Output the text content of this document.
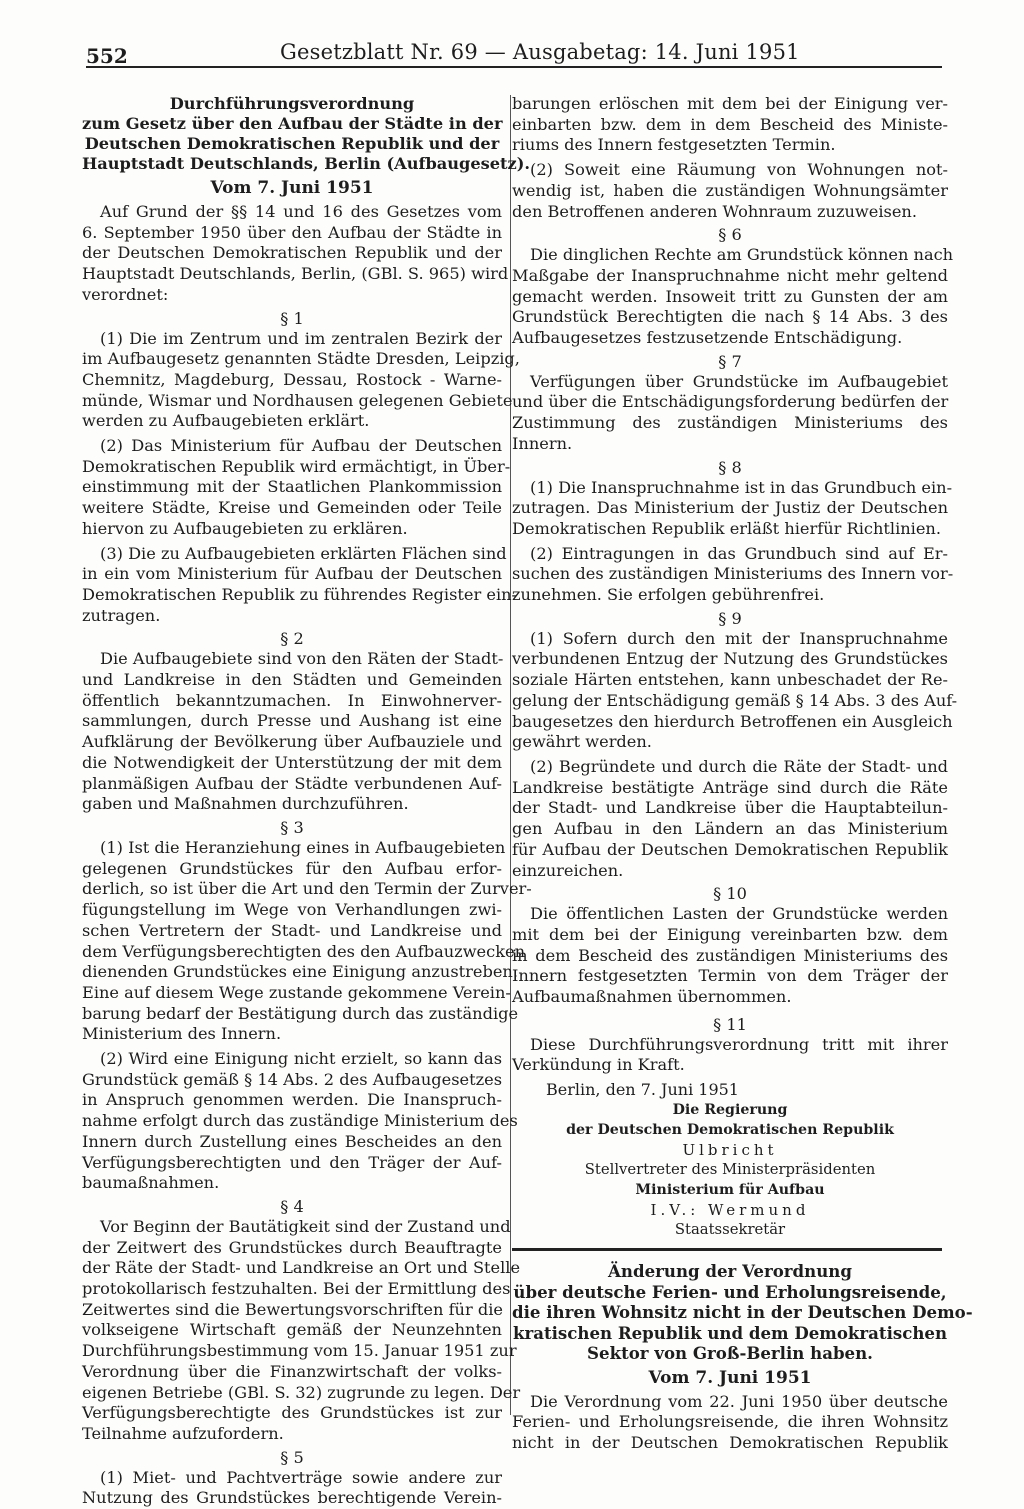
552	Gesetzblatt Nr. 69 — Ausgabetag: 14. Juni 1951
Durchführungsverordnung
zum Gesetz über den Aufbau der Städte in der
Deutschen Demokratischen Republik und der
Hauptstadt Deutschlands, Berlin (Aufbaugesetz).
Vom 7. Juni 1951
Auf Grund der §§ 14 und 16 des Gesetzes vom
6. September 1950 über den Aufbau der Städte in
der Deutschen Demokratischen Republik und der
Hauptstadt Deutschlands, Berlin, (GBl. S. 965) wird
verordnet:
§ 1
(1) Die im Zentrum und im zentralen Bezirk der
im Aufbaugesetz genannten Städte Dresden, Leipzig,
Chemnitz, Magdeburg, Dessau, Rostock - Warne-
münde, Wismar und Nordhausen gelegenen Gebiete
werden zu Aufbaugebieten erklärt.
(2) Das Ministerium für Aufbau der Deutschen
Demokratischen Republik wird ermächtigt, in Über-
einstimmung mit der Staatlichen Plankommission
weitere Städte, Kreise und Gemeinden oder Teile
hiervon zu Aufbaugebieten zu erklären.
(3) Die zu Aufbaugebieten erklärten Flächen sind
in ein vom Ministerium für Aufbau der Deutschen
Demokratischen Republik zu führendes Register ein-
zutragen.
§ 2
Die Aufbaugebiete sind von den Räten der Stadt-
und Landkreise in den Städten und Gemeinden
öffentlich bekanntzumachen. In Einwohnerver-
sammlungen, durch Presse und Aushang ist eine
Aufklärung der Bevölkerung über Aufbauziele und
die Notwendigkeit der Unterstützung der mit dem
planmäßigen Aufbau der Städte verbundenen Auf-
gaben und Maßnahmen durchzuführen.
§ 3
(1) Ist die Heranziehung eines in Aufbaugebieten
gelegenen Grundstückes für den Aufbau erfor-
derlich, so ist über die Art und den Termin der Zurver-
fügungstellung im Wege von Verhandlungen zwi-
schen Vertretern der Stadt- und Landkreise und
dem Verfügungsberechtigten des den Aufbauzwecken
dienenden Grundstückes eine Einigung anzustreben.
Eine auf diesem Wege zustande gekommene Verein-
barung bedarf der Bestätigung durch das zuständige
Ministerium des Innern.
(2) Wird eine Einigung nicht erzielt, so kann das
Grundstück gemäß § 14 Abs. 2 des Aufbaugesetzes
in Anspruch genommen werden. Die Inanspruch-
nahme erfolgt durch das zuständige Ministerium des
Innern durch Zustellung eines Bescheides an den
Verfügungsberechtigten und den Träger der Auf-
baumaßnahmen.
§ 4
Vor Beginn der Bautätigkeit sind der Zustand und
der Zeitwert des Grundstückes durch Beauftragte
der Räte der Stadt- und Landkreise an Ort und Stelle
protokollarisch festzuhalten. Bei der Ermittlung des
Zeitwertes sind die Bewertungsvorschriften für die
volkseigene Wirtschaft gemäß der Neunzehnten
Durchführungsbestimmung vom 15. Januar 1951 zur
Verordnung über die Finanzwirtschaft der volks-
eigenen Betriebe (GBl. S. 32) zugrunde zu legen. Der
Verfügungsberechtigte des Grundstückes ist zur
Teilnahme aufzufordern.
§ 5
(1) Miet- und Pachtverträge sowie andere zur
Nutzung des Grundstückes berechtigende Verein-
barungen erlöschen mit dem bei der Einigung ver-
einbarten bzw. dem in dem Bescheid des Ministe-
riums des Innern festgesetzten Termin.
(2) Soweit eine Räumung von Wohnungen not-
wendig ist, haben die zuständigen Wohnungsämter
den Betroffenen anderen Wohnraum zuzuweisen.
§ 6
Die dinglichen Rechte am Grundstück können nach
Maßgabe der Inanspruchnahme nicht mehr geltend
gemacht werden. Insoweit tritt zu Gunsten der am
Grundstück Berechtigten die nach § 14 Abs. 3 des
Aufbaugesetzes festzusetzende Entschädigung.
§ 7
Verfügungen über Grundstücke im Aufbaugebiet
und über die Entschädigungsforderung bedürfen der
Zustimmung des zuständigen Ministeriums des
Innern.
§ 8
(1) Die Inanspruchnahme ist in das Grundbuch ein-
zutragen. Das Ministerium der Justiz der Deutschen
Demokratischen Republik erläßt hierfür Richtlinien.
(2) Eintragungen in das Grundbuch sind auf Er-
suchen des zuständigen Ministeriums des Innern vor-
zunehmen. Sie erfolgen gebührenfrei.
§ 9
(1) Sofern durch den mit der Inanspruchnahme
verbundenen Entzug der Nutzung des Grundstückes
soziale Härten entstehen, kann unbeschadet der Re-
gelung der Entschädigung gemäß § 14 Abs. 3 des Auf-
baugesetzes den hierdurch Betroffenen ein Ausgleich
gewährt werden.
(2) Begründete und durch die Räte der Stadt- und
Landkreise bestätigte Anträge sind durch die Räte
der Stadt- und Landkreise über die Hauptabteilun-
gen Aufbau in den Ländern an das Ministerium
für Aufbau der Deutschen Demokratischen Republik
einzureichen.
§ 10
Die öffentlichen Lasten der Grundstücke werden
mit dem bei der Einigung vereinbarten bzw. dem
in dem Bescheid des zuständigen Ministeriums des
Innern festgesetzten Termin von dem Träger der
Aufbaumaßnahmen übernommen.
§ 11
Diese Durchführungsverordnung tritt mit ihrer
Verkündung in Kraft.
Berlin, den 7. Juni 1951
Die Regierung
der Deutschen Demokratischen Republik
Ulbricht
Stellvertreter des Ministerpräsidenten
Ministerium für Aufbau
I.V.: Wermund
Staatssekretär
Änderung der Verordnung
über deutsche Ferien- und Erholungsreisende,
die ihren Wohnsitz nicht in der Deutschen Demo-
kratischen Republik und dem Demokratischen
Sektor von Groß-Berlin haben.
Vom 7. Juni 1951
Die Verordnung vom 22. Juni 1950 über deutsche
Ferien- und Erholungsreisende, die ihren Wohnsitz
nicht in der Deutschen Demokratischen Republik
